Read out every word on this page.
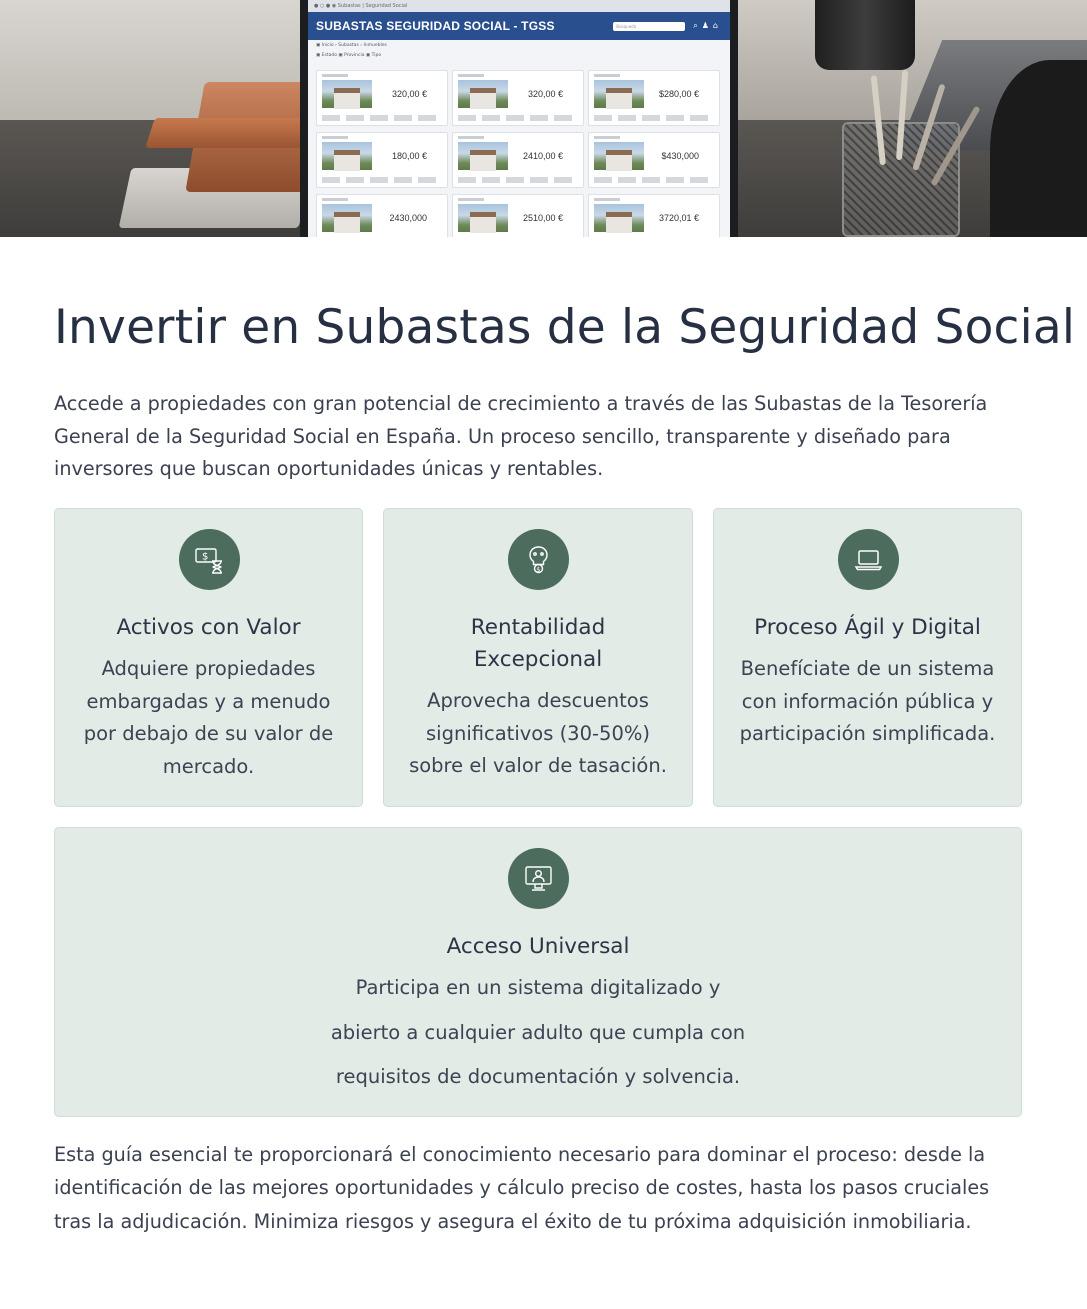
● ○ ● ◉ Subastas | Seguridad Social
SUBASTAS SEGURIDAD SOCIAL - TGSS	Búsqueda	⌕♟⌂
▣ Inicio › Subastas › Inmuebles
▣ Estado ▣ Provincia ▣ Tipo
320,00 €	320,00 €	$280,00 €
180,00 €	2410,00 €	$430,000
2430,000	2510,00 €	3720,01 €
Invertir en Subastas de la Seguridad Social

Accede a propiedades con gran potencial de crecimiento a través de las Subastas de la Tesorería
General de la Seguridad Social en España. Un proceso sencillo, transparente y diseñado para
inversores que buscan oportunidades únicas y rentables.

$
Activos con Valor
Adquiere propiedades
embargadas y a menudo
por debajo de su valor de
mercado.
$
Rentabilidad
Excepcional
Aprovecha descuentos
significativos (30-50%)
sobre el valor de tasación.
Proceso Ágil y Digital
Benefíciate de un sistema
con información pública y
participación simplificada.
Acceso Universal
Participa en un sistema digitalizado y
abierto a cualquier adulto que cumpla con
requisitos de documentación y solvencia.

Esta guía esencial te proporcionará el conocimiento necesario para dominar el proceso: desde la
identificación de las mejores oportunidades y cálculo preciso de costes, hasta los pasos cruciales
tras la adjudicación. Minimiza riesgos y asegura el éxito de tu próxima adquisición inmobiliaria.
